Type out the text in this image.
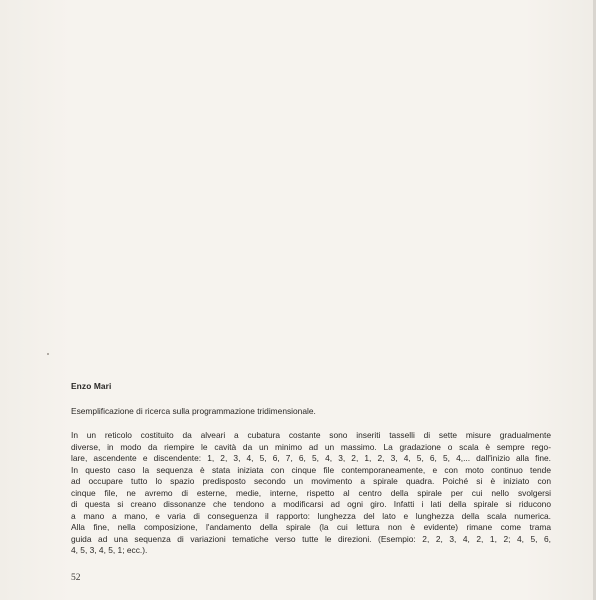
Enzo Mari
Esemplificazione di ricerca sulla programmazione tridimensionale.
In un reticolo costituito da alveari a cubatura costante sono inseriti tasselli di sette misure gradualmente
diverse, in modo da riempire le cavità da un minimo ad un massimo. La gradazione o scala è sempre rego-
lare, ascendente e discendente: 1, 2, 3, 4, 5, 6, 7, 6, 5, 4, 3, 2, 1, 2, 3, 4, 5, 6, 5, 4,... dall'inizio alla fine.
In questo caso la sequenza è stata iniziata con cinque file contemporaneamente, e con moto continuo tende
ad occupare tutto lo spazio predisposto secondo un movimento a spirale quadra. Poiché si è iniziato con
cinque file, ne avremo di esterne, medie, interne, rispetto al centro della spirale per cui nello svolgersi
di questa si creano dissonanze che tendono a modificarsi ad ogni giro. Infatti i lati della spirale si riducono
a mano a mano, e varia di conseguenza il rapporto: lunghezza del lato e lunghezza della scala numerica.
Alla fine, nella composizione, l'andamento della spirale (la cui lettura non è evidente) rimane come trama
guida ad una sequenza di variazioni tematiche verso tutte le direzioni. (Esempio: 2, 2, 3, 4, 2, 1, 2; 4, 5, 6,
4, 5, 3, 4, 5, 1; ecc.).
52
